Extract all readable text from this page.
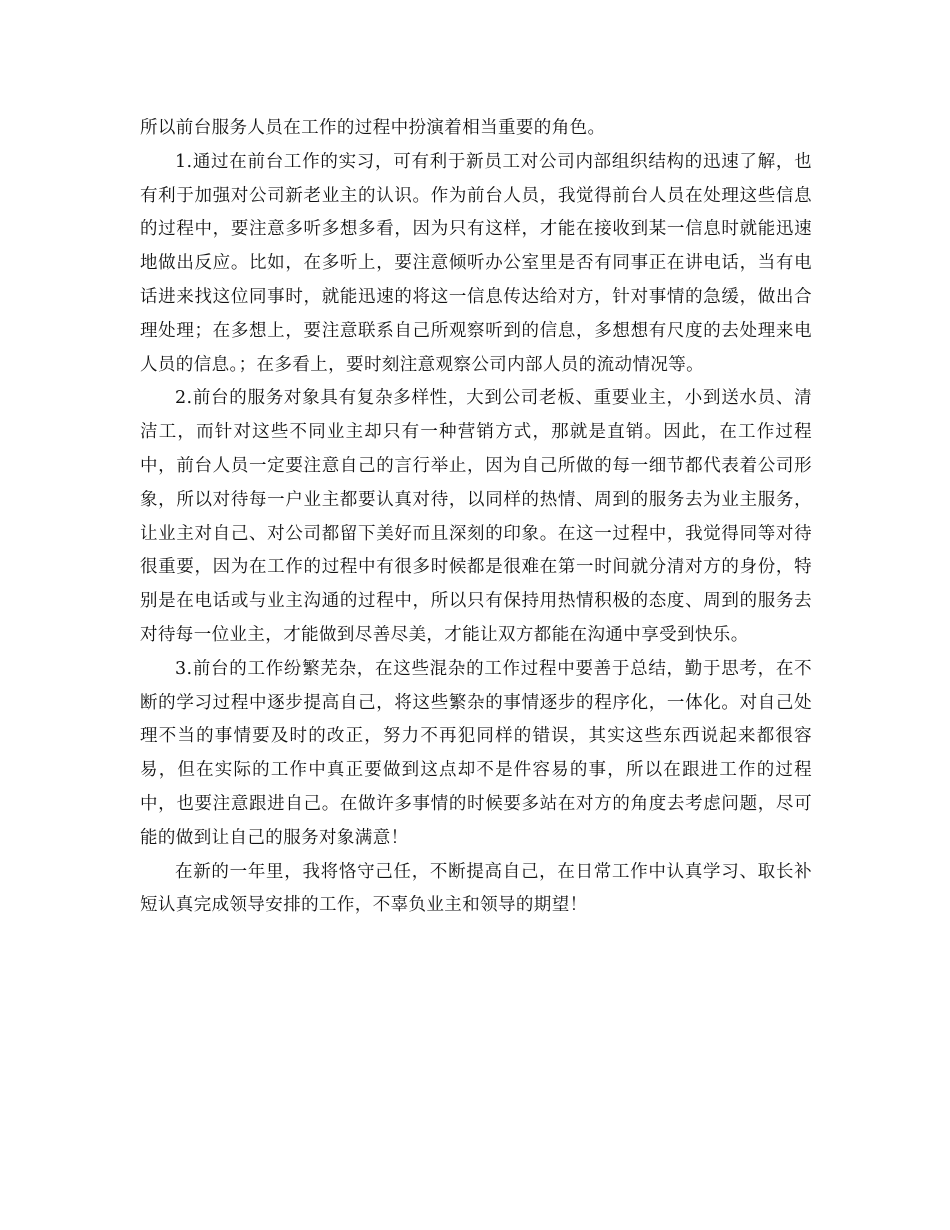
所以前台服务人员在工作的过程中扮演着相当重要的角色。

1.通过在前台工作的实习，可有利于新员工对公司内部组织结构的迅速了解，也有利于加强对公司新老业主的认识。作为前台人员，我觉得前台人员在处理这些信息的过程中，要注意多听多想多看，因为只有这样，才能在接收到某一信息时就能迅速地做出反应。比如，在多听上，要注意倾听办公室里是否有同事正在讲电话，当有电话进来找这位同事时，就能迅速的将这一信息传达给对方，针对事情的急缓，做出合理处理；在多想上，要注意联系自己所观察听到的信息，多想想有尺度的去处理来电人员的信息。；在多看上，要时刻注意观察公司内部人员的流动情况等。

2.前台的服务对象具有复杂多样性，大到公司老板、重要业主，小到送水员、清洁工，而针对这些不同业主却只有一种营销方式，那就是直销。因此，在工作过程中，前台人员一定要注意自己的言行举止，因为自己所做的每一细节都代表着公司形象，所以对待每一户业主都要认真对待，以同样的热情、周到的服务去为业主服务，让业主对自己、对公司都留下美好而且深刻的印象。在这一过程中，我觉得同等对待很重要，因为在工作的过程中有很多时候都是很难在第一时间就分清对方的身份，特别是在电话或与业主沟通的过程中，所以只有保持用热情积极的态度、周到的服务去对待每一位业主，才能做到尽善尽美，才能让双方都能在沟通中享受到快乐。

3.前台的工作纷繁芜杂，在这些混杂的工作过程中要善于总结，勤于思考，在不断的学习过程中逐步提高自己，将这些繁杂的事情逐步的程序化，一体化。对自己处理不当的事情要及时的改正，努力不再犯同样的错误，其实这些东西说起来都很容易，但在实际的工作中真正要做到这点却不是件容易的事，所以在跟进工作的过程中，也要注意跟进自己。在做许多事情的时候要多站在对方的角度去考虑问题，尽可能的做到让自己的服务对象满意！

在新的一年里，我将恪守己任，不断提高自己，在日常工作中认真学习、取长补短认真完成领导安排的工作，不辜负业主和领导的期望！
